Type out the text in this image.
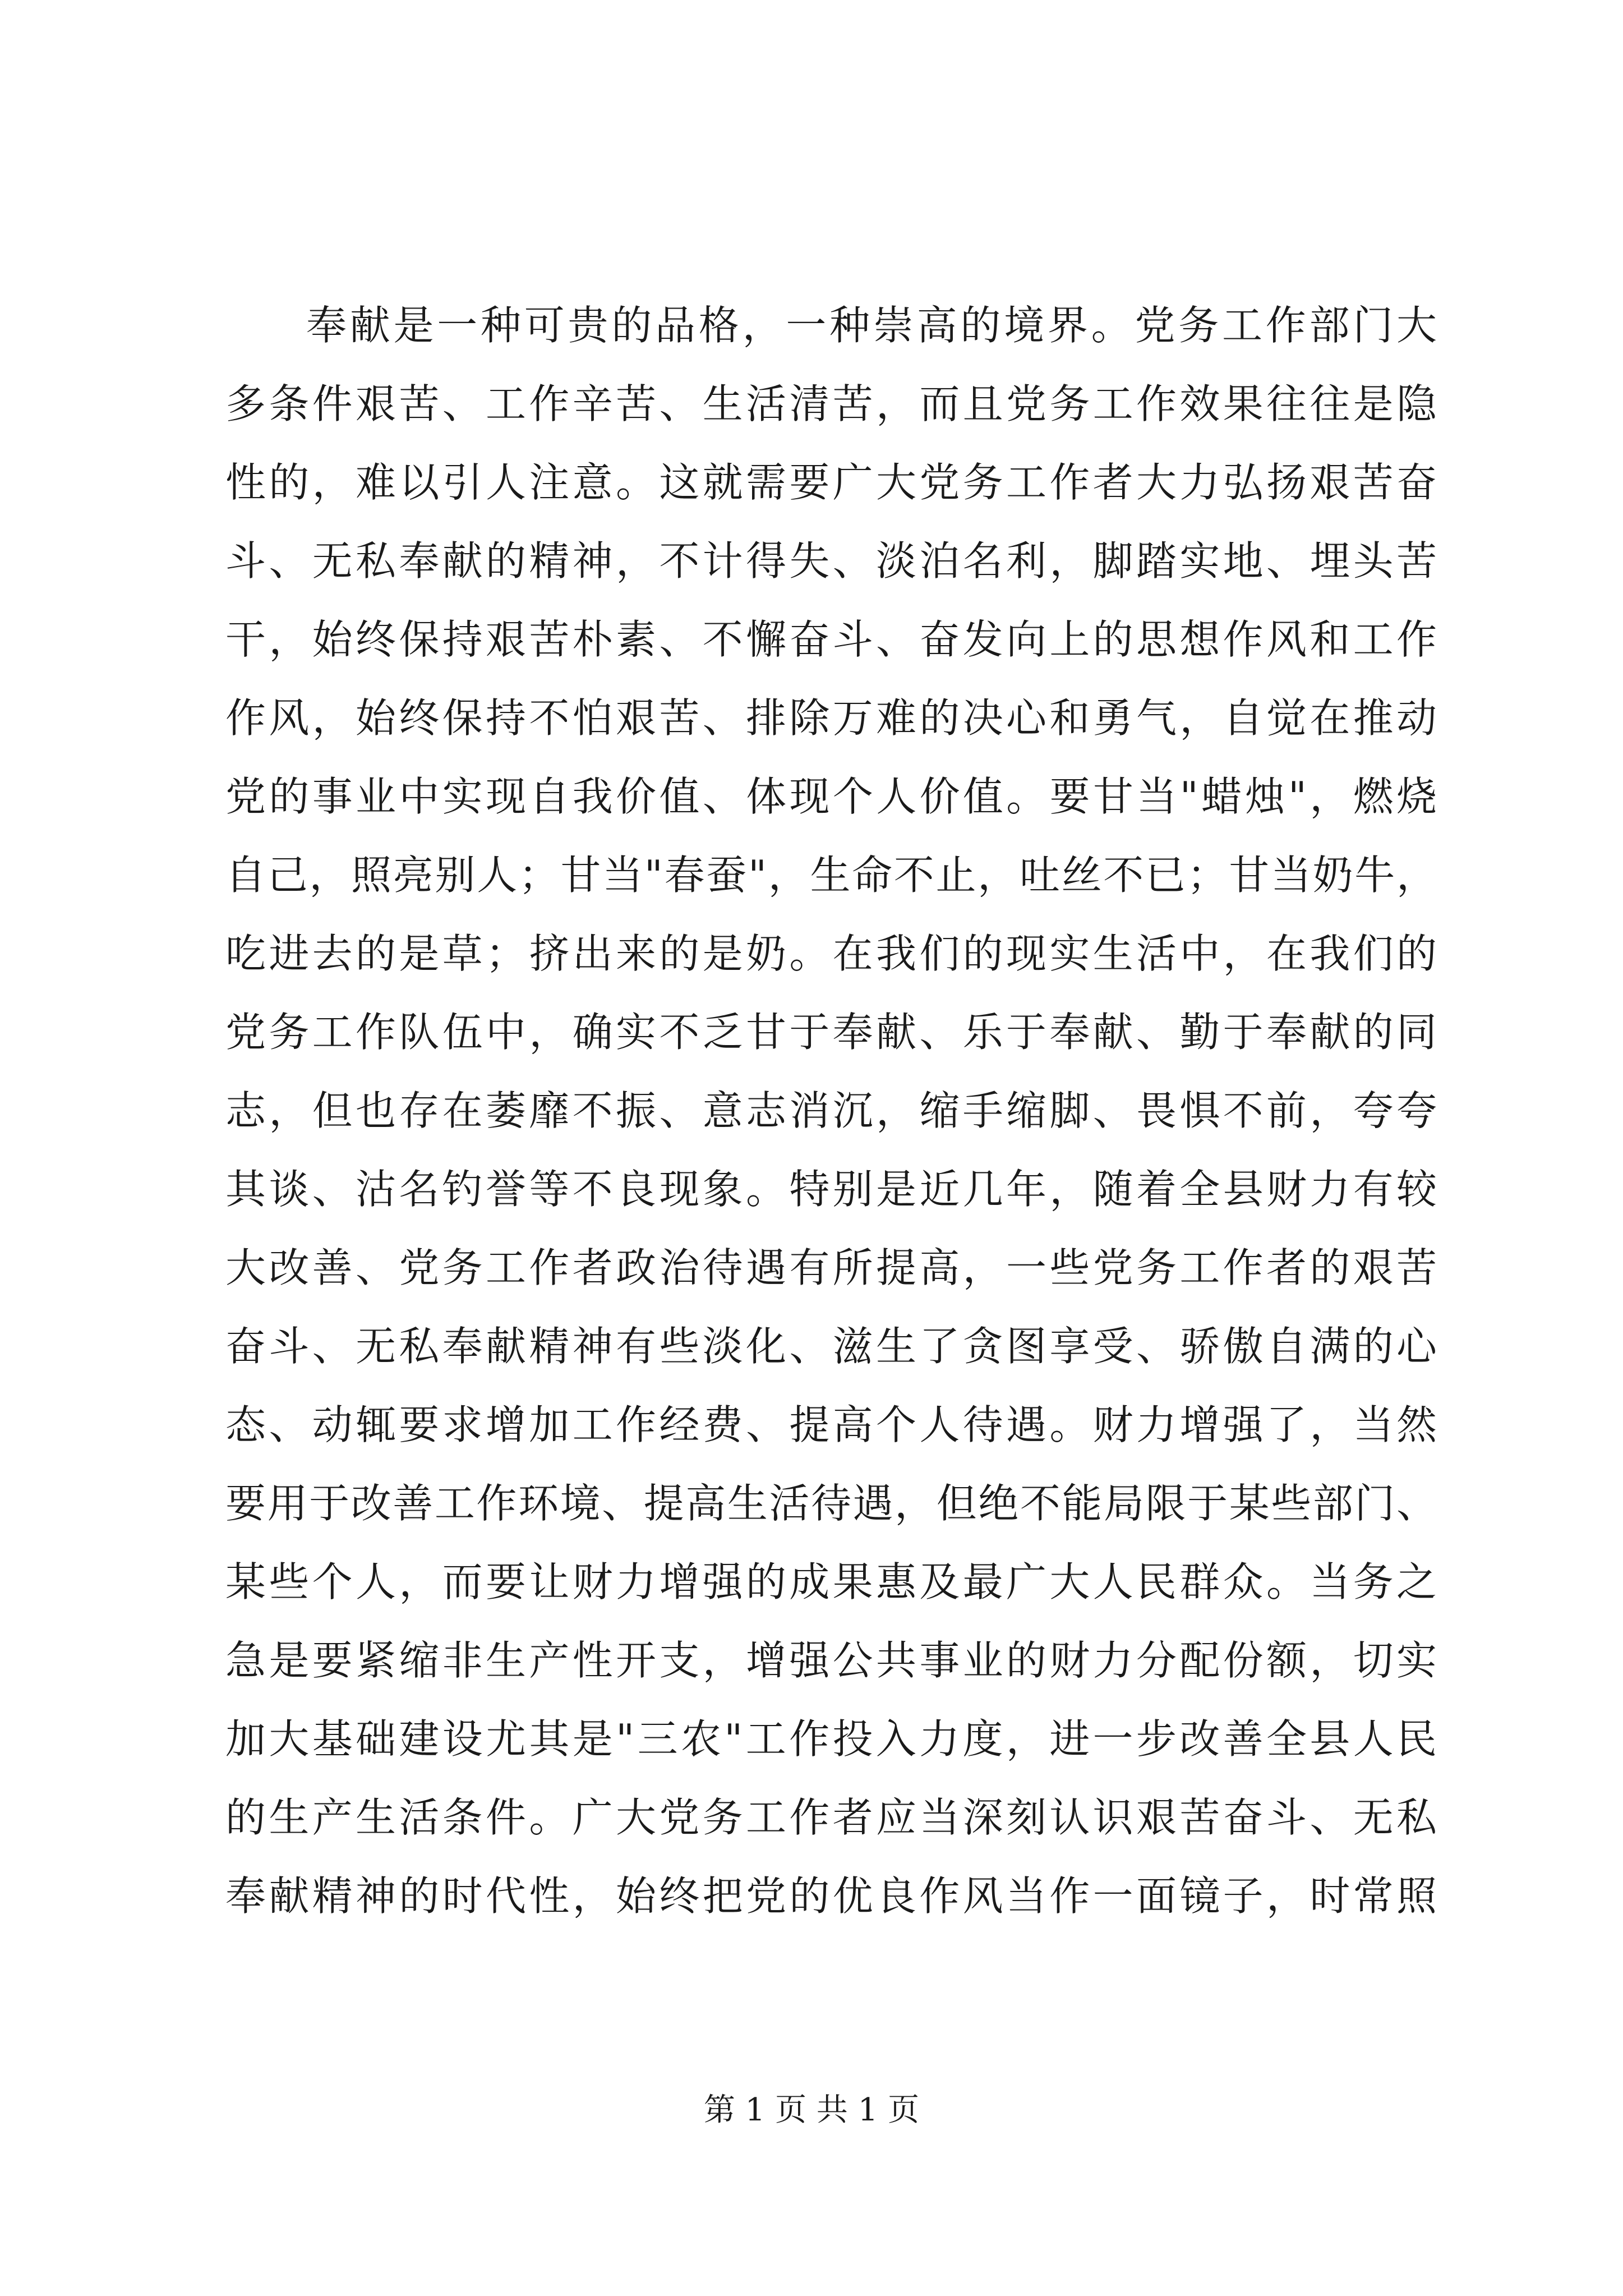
奉献是一种可贵的品格，一种崇高的境界。党务工作部门大
多条件艰苦、工作辛苦、生活清苦，而且党务工作效果往往是隐
性的，难以引人注意。这就需要广大党务工作者大力弘扬艰苦奋
斗、无私奉献的精神，不计得失、淡泊名利，脚踏实地、埋头苦
干，始终保持艰苦朴素、不懈奋斗、奋发向上的思想作风和工作
作风，始终保持不怕艰苦、排除万难的决心和勇气，自觉在推动
党的事业中实现自我价值、体现个人价值。要甘当"蜡烛"，燃烧
自己，照亮别人；甘当"春蚕"，生命不止，吐丝不已；甘当奶牛，
吃进去的是草；挤出来的是奶。在我们的现实生活中，在我们的
党务工作队伍中，确实不乏甘于奉献、乐于奉献、勤于奉献的同
志，但也存在萎靡不振、意志消沉，缩手缩脚、畏惧不前，夸夸
其谈、沽名钓誉等不良现象。特别是近几年，随着全县财力有较
大改善、党务工作者政治待遇有所提高，一些党务工作者的艰苦
奋斗、无私奉献精神有些淡化、滋生了贪图享受、骄傲自满的心
态、动辄要求增加工作经费、提高个人待遇。财力增强了，当然
要用于改善工作环境、提高生活待遇，但绝不能局限于某些部门、
某些个人，而要让财力增强的成果惠及最广大人民群众。当务之
急是要紧缩非生产性开支，增强公共事业的财力分配份额，切实
加大基础建设尤其是"三农"工作投入力度，进一步改善全县人民
的生产生活条件。广大党务工作者应当深刻认识艰苦奋斗、无私
奉献精神的时代性，始终把党的优良作风当作一面镜子，时常照
第 1 页 共 1 页
